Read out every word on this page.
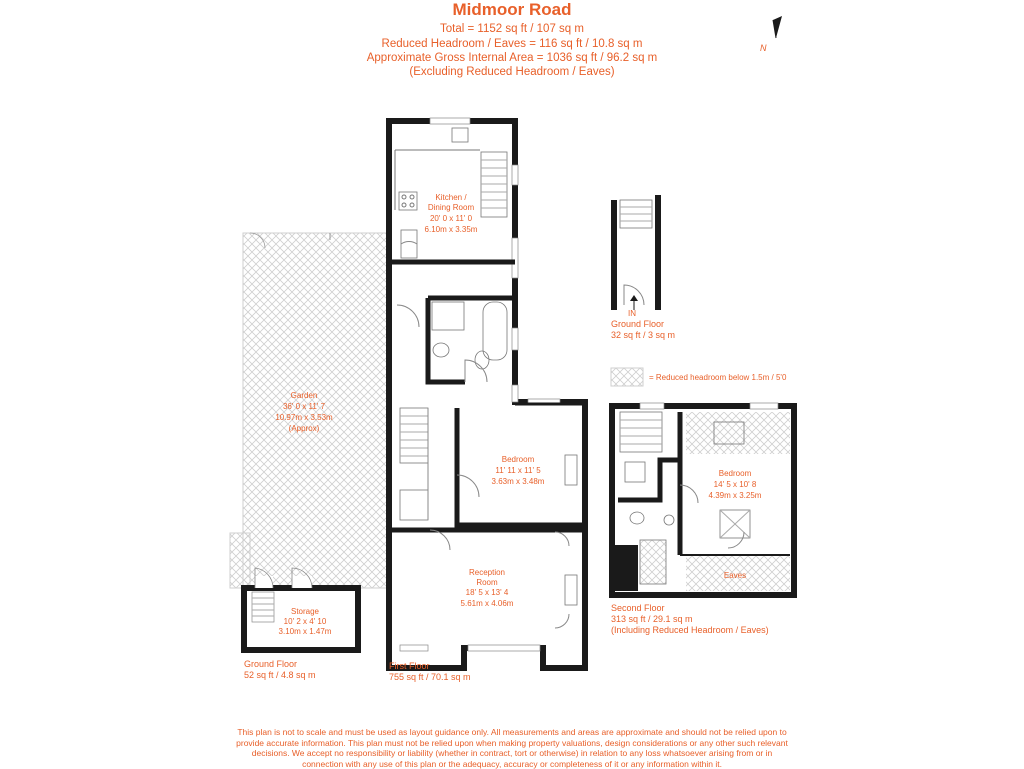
Midmoor Road
Total = 1152 sq ft / 107 sq m
Reduced Headroom / Eaves = 116 sq ft / 10.8 sq m
Approximate Gross Internal Area = 1036 sq ft / 96.2 sq m
(Excluding Reduced Headroom / Eaves)
N
IN
= Reduced headroom below 1.5m / 5'0
Kitchen /
Dining Room
20' 0 x 11' 0
6.10m x 3.35m
Garden
36' 0 x 11' 7
10.97m x 3.53m
(Approx)
Bedroom
11' 11 x 11' 5
3.63m x 3.48m
Reception
Room
18' 5 x 13' 4
5.61m x 4.06m
Storage
10' 2 x 4' 10
3.10m x 1.47m
Bedroom
14' 5 x 10' 8
4.39m x 3.25m
Eaves
Ground Floor
52 sq ft / 4.8 sq m
First Floor
755 sq ft / 70.1 sq m
Ground Floor
32 sq ft / 3 sq m
Second Floor
313 sq ft / 29.1 sq m
(Including Reduced Headroom / Eaves)
This plan is not to scale and must be used as layout guidance only. All measurements and areas are approximate and should not be relied upon to
provide accurate information. This plan must not be relied upon when making property valuations, design considerations or any other such relevant
decisions. We accept no responsibility or liability (whether in contract, tort or otherwise) in relation to any loss whatsoever arising from or in
connection with any use of this plan or the adequacy, accuracy or completeness of it or any information within it.
